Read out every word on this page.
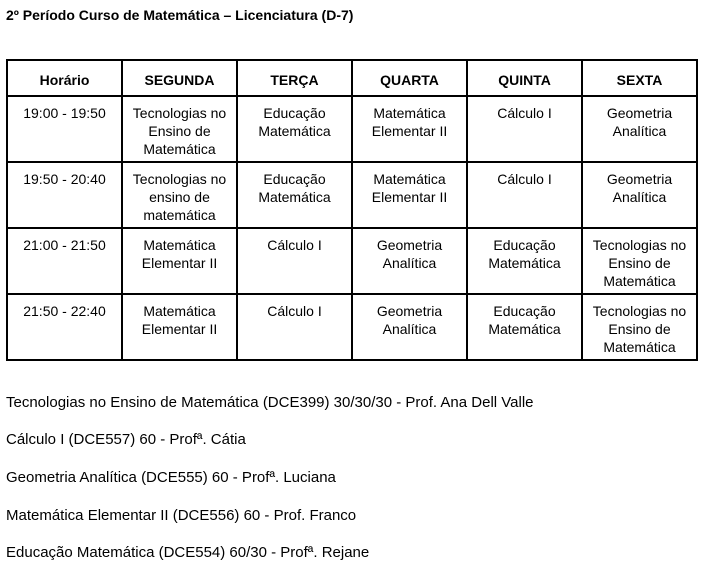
2º Período Curso de Matemática – Licenciatura (D-7)
Horário	SEGUNDA	TERÇA	QUARTA	QUINTA	SEXTA
19:00 - 19:50	Tecnologias no Ensino de Matemática	Educação Matemática	Matemática Elementar II	Cálculo I	Geometria Analítica
19:50 - 20:40	Tecnologias no ensino de matemática	Educação Matemática	Matemática Elementar II	Cálculo I	Geometria Analítica
21:00 - 21:50	Matemática Elementar II	Cálculo I	Geometria Analítica	Educação Matemática	Tecnologias no Ensino de Matemática
21:50 - 22:40	Matemática Elementar II	Cálculo I	Geometria Analítica	Educação Matemática	Tecnologias no Ensino de Matemática
Tecnologias no Ensino de Matemática (DCE399) 30/30/30 - Prof. Ana Dell Valle
Cálculo I (DCE557) 60 - Profª. Cátia
Geometria Analítica (DCE555) 60 - Profª. Luciana
Matemática Elementar II (DCE556) 60 - Prof. Franco
Educação Matemática (DCE554) 60/30 - Profª. Rejane
